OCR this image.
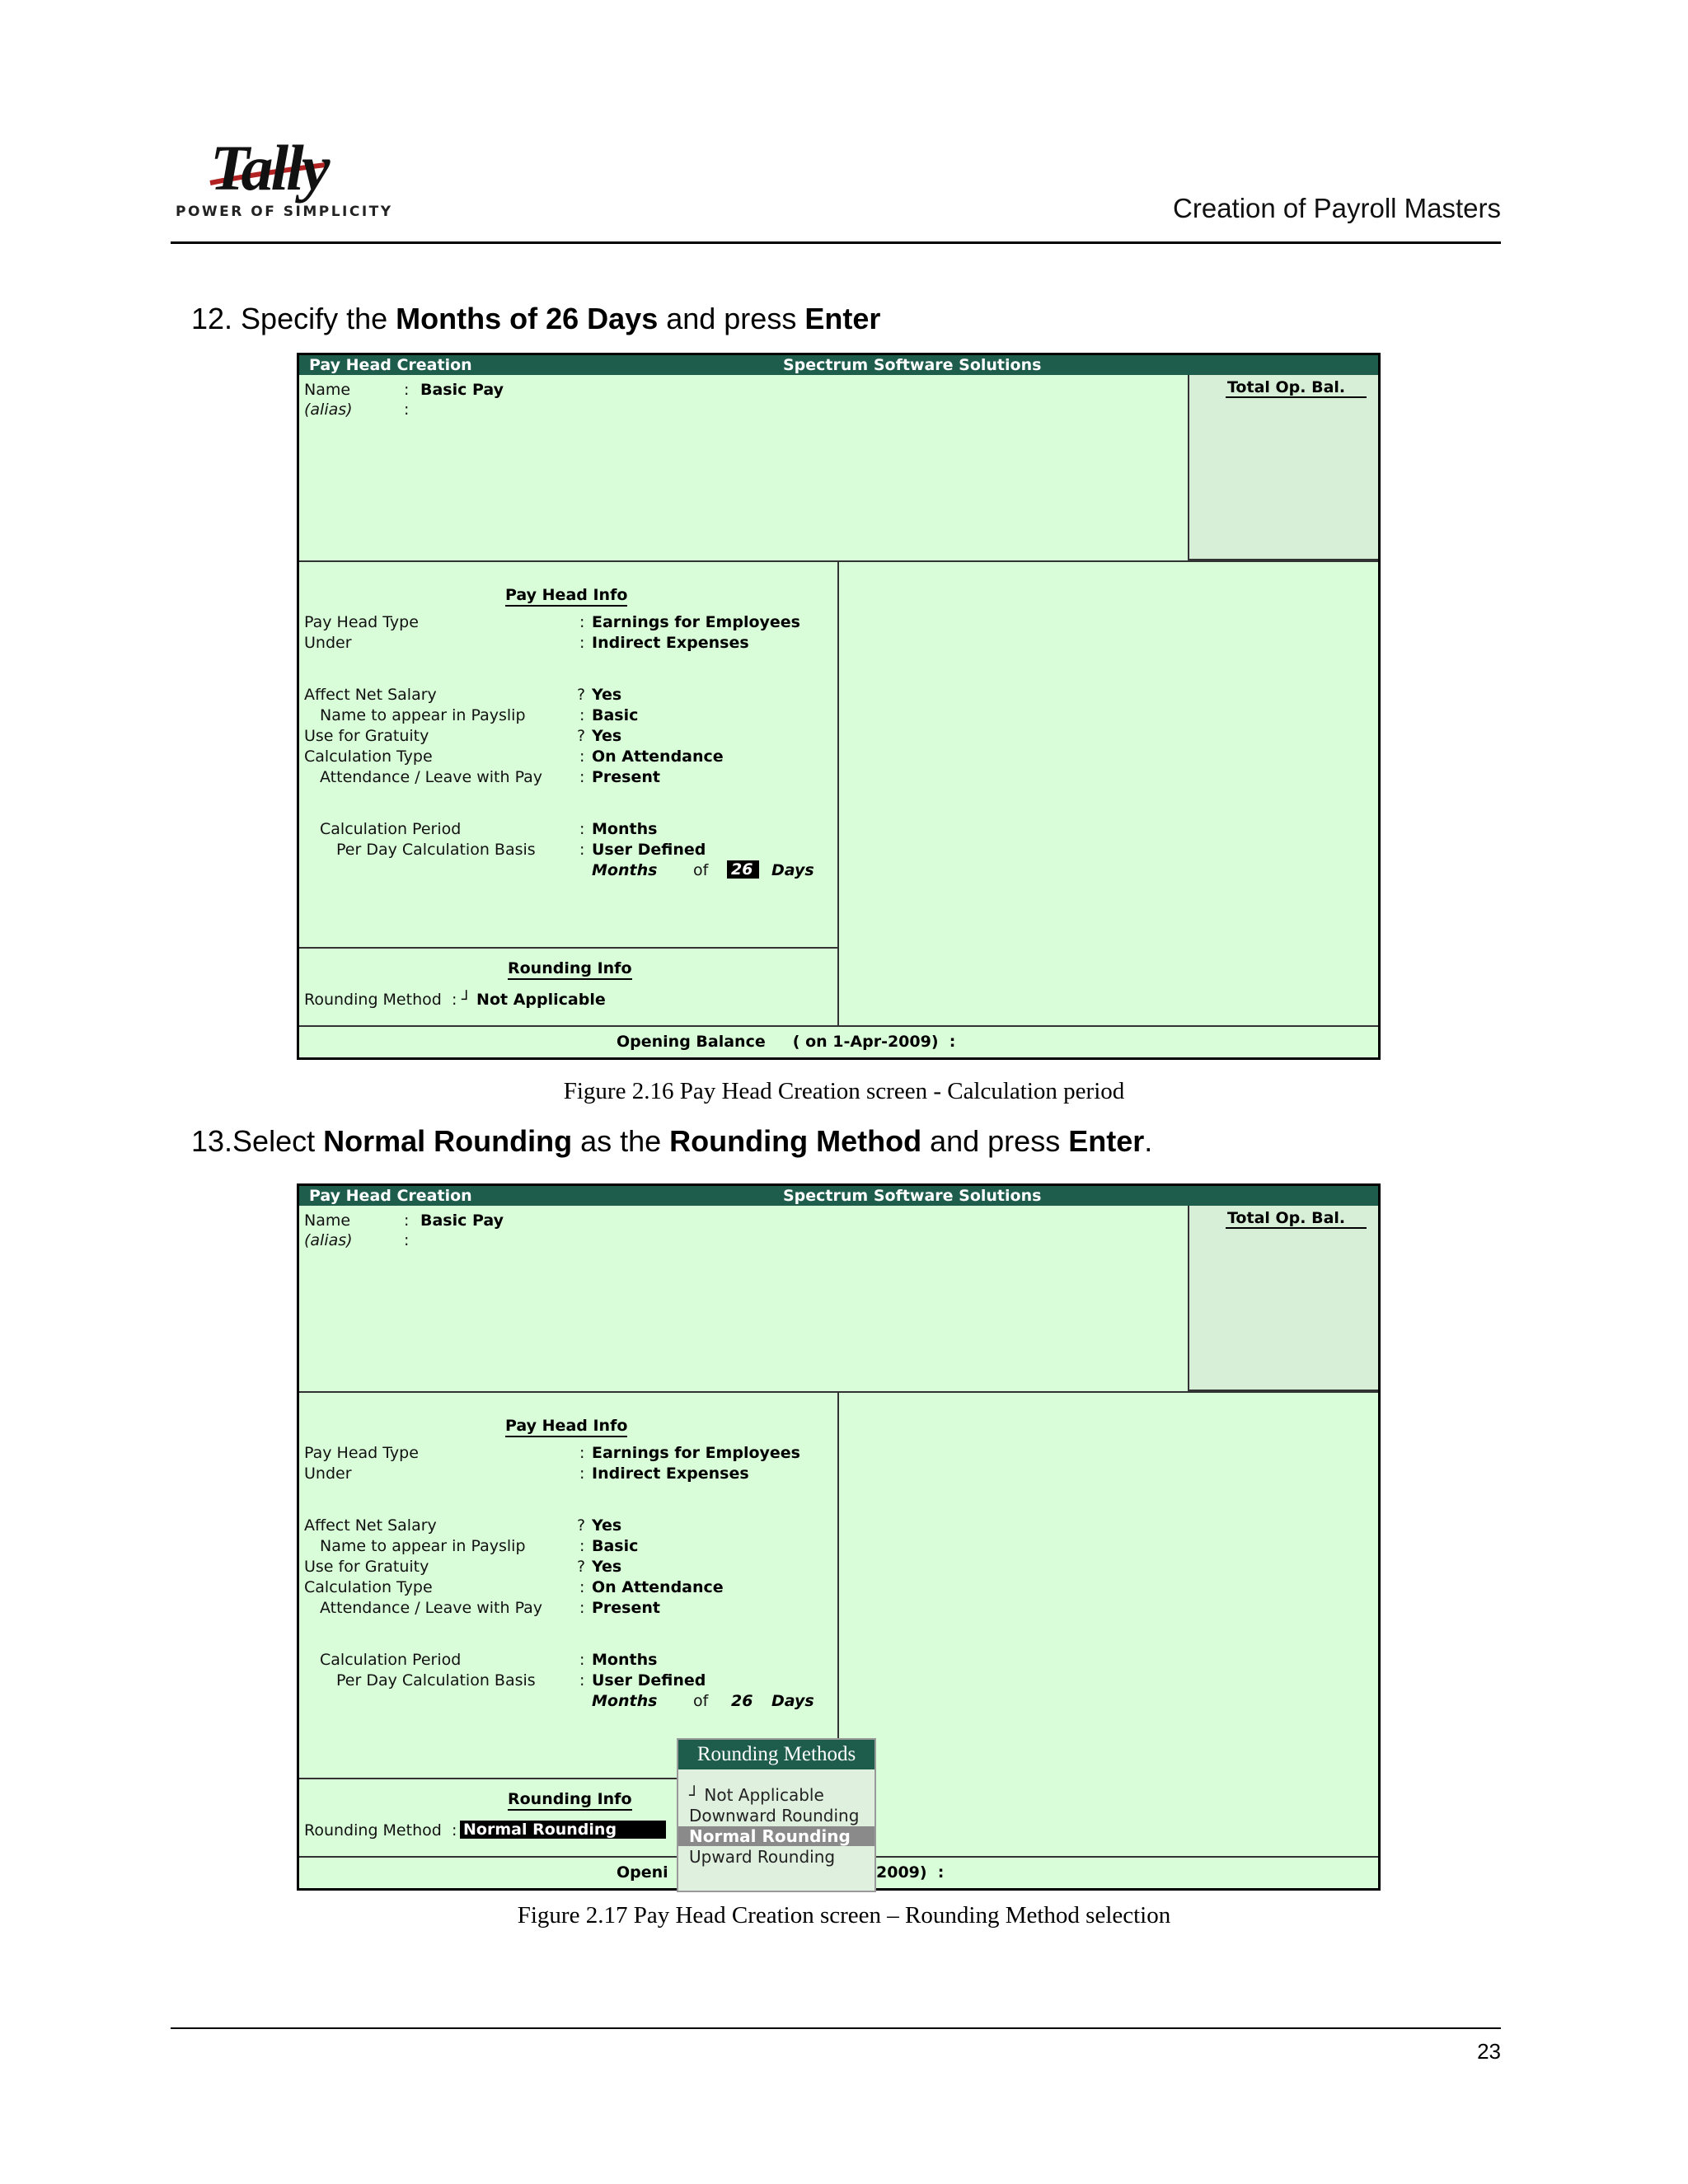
Tally
POWER OF SIMPLICITY	Creation of Payroll Masters
12. Specify the Months of 26 Days and press Enter
Pay Head Creation	Spectrum Software Solutions
Total Op. Bal.
Name	: Basic Pay
(alias)	:
Pay Head Info
Pay Head Type	: Earnings for Employees
Under	: Indirect Expenses
Affect Net Salary	? Yes
Name to appear in Payslip	: Basic
Use for Gratuity	? Yes
Calculation Type	: On Attendance
Attendance / Leave with Pay : Present
Calculation Period	: Months
Per Day Calculation Basis	: User Defined
Months of 26	Days
Rounding Info
Rounding Method : ┘ Not Applicable
Opening Balance     ( on 1-Apr-2009)  :
Figure 2.16 Pay Head Creation screen - Calculation period
13.Select Normal Rounding as the Rounding Method and press Enter.
Pay Head Creation	Spectrum Software Solutions
Total Op. Bal.
Name	: Basic Pay
(alias)	:
Pay Head Info
Pay Head Type	: Earnings for Employees
Under	: Indirect Expenses
Affect Net Salary	? Yes
Name to appear in Payslip	: Basic
Use for Gratuity	? Yes
Calculation Type	: On Attendance
Attendance / Leave with Pay : Present
Calculation Period	: Months
Per Day Calculation Basis	: User Defined
Months of 26 Days
Rounding Info
Rounding Method : Normal Rounding
Openi	2009)  :
Rounding Methods
┘ Not Applicable
Downward Rounding
Normal Rounding
Upward Rounding
Figure 2.17 Pay Head Creation screen – Rounding Method selection
23
